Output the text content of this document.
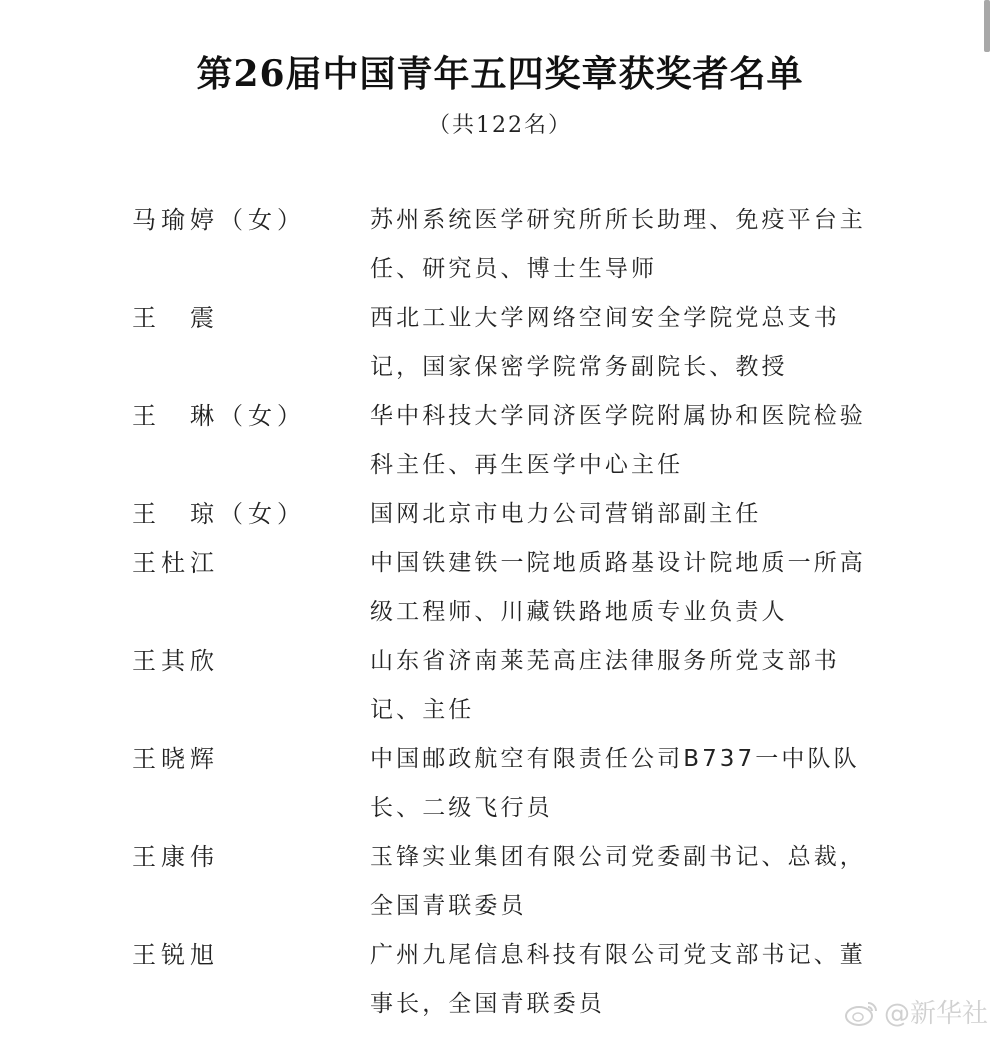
第26届中国青年五四奖章获奖者名单
（共122名）
马瑜婷（女）	苏州系统医学研究所所长助理、免疫平台主任、研究员、博士生导师
王　震	西北工业大学网络空间安全学院党总支书记，国家保密学院常务副院长、教授
王　琳（女）	华中科技大学同济医学院附属协和医院检验科主任、再生医学中心主任
王　琼（女）	国网北京市电力公司营销部副主任
王杜江	中国铁建铁一院地质路基设计院地质一所高级工程师、川藏铁路地质专业负责人
王其欣	山东省济南莱芜高庄法律服务所党支部书记、主任
王晓辉	中国邮政航空有限责任公司B737一中队队长、二级飞行员
王康伟	玉锋实业集团有限公司党委副书记、总裁，全国青联委员
王锐旭	广州九尾信息科技有限公司党支部书记、董事长，全国青联委员	@新华社
